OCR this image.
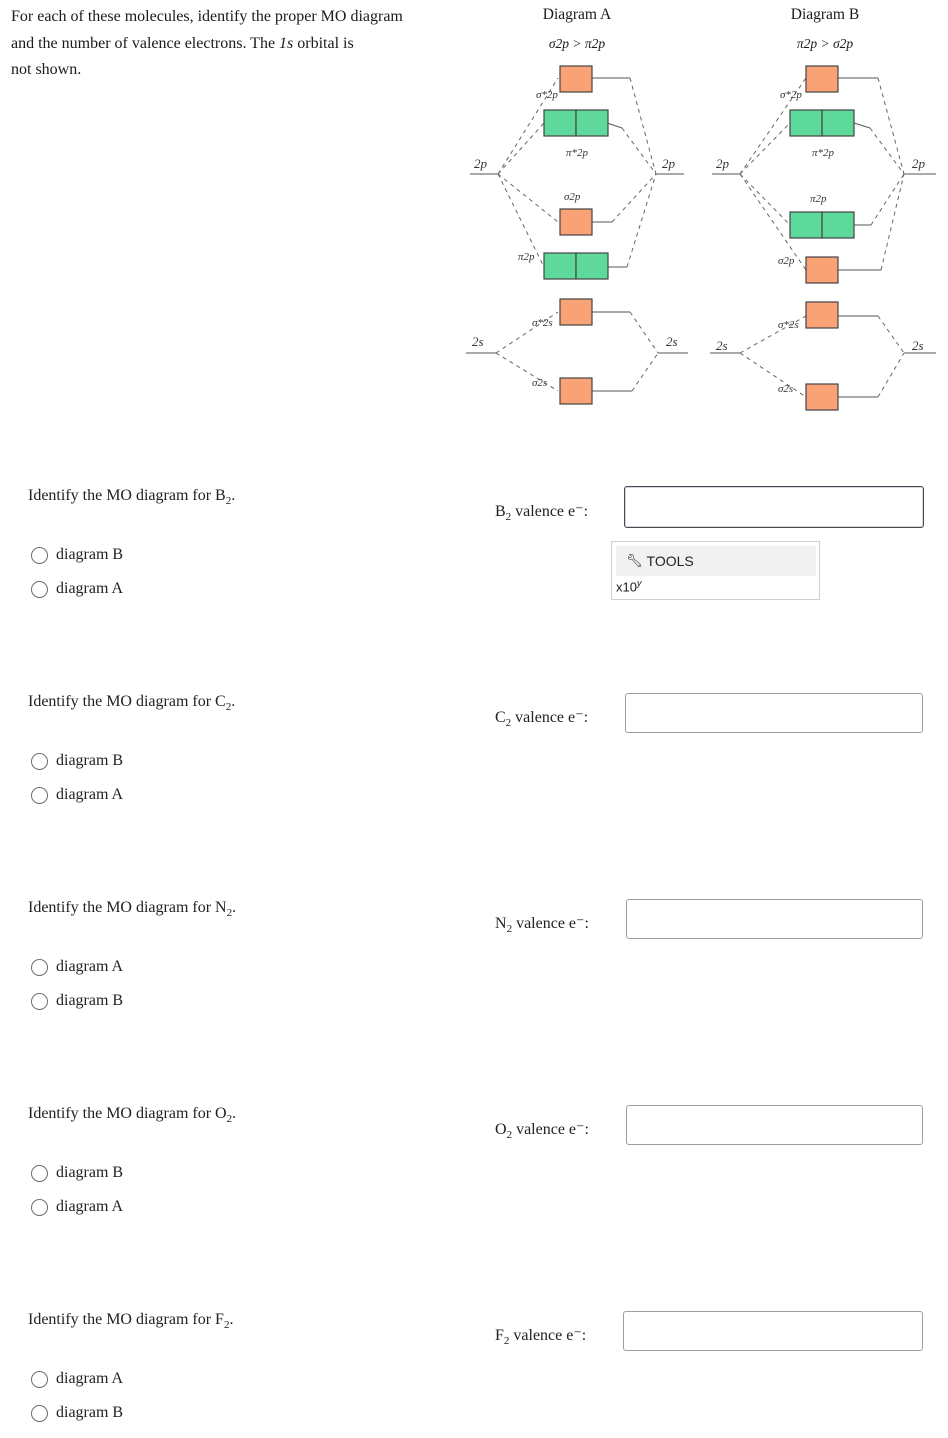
For each of these molecules, identify the proper MO diagram
and the number of valence electrons. The 1s orbital is
not shown.
Diagram A
σ2p > π2p
Diagram B
π2p > σ2p
2p	2p
2s	2s
σ*2p
π*2p
σ2p
π2p
σ*2s
σ2s
2p	2p
2s	2s
σ*2p
π*2p
π2p
σ2p
σ*2s
σ2s
Identify the MO diagram for $B_2$.
diagram B
diagram A
$B_2$ valence e⁻:
🔧︎ TOOLS
x10$^y$
Identify the MO diagram for $C_2$.
diagram B
diagram A
$C_2$ valence e⁻:
Identify the MO diagram for $N_2$.
diagram A
diagram B
$N_2$ valence e⁻:
Identify the MO diagram for $O_2$.
diagram B
diagram A
$O_2$ valence e⁻:
Identify the MO diagram for $F_2$.
diagram A
diagram B
$F_2$ valence e⁻:
